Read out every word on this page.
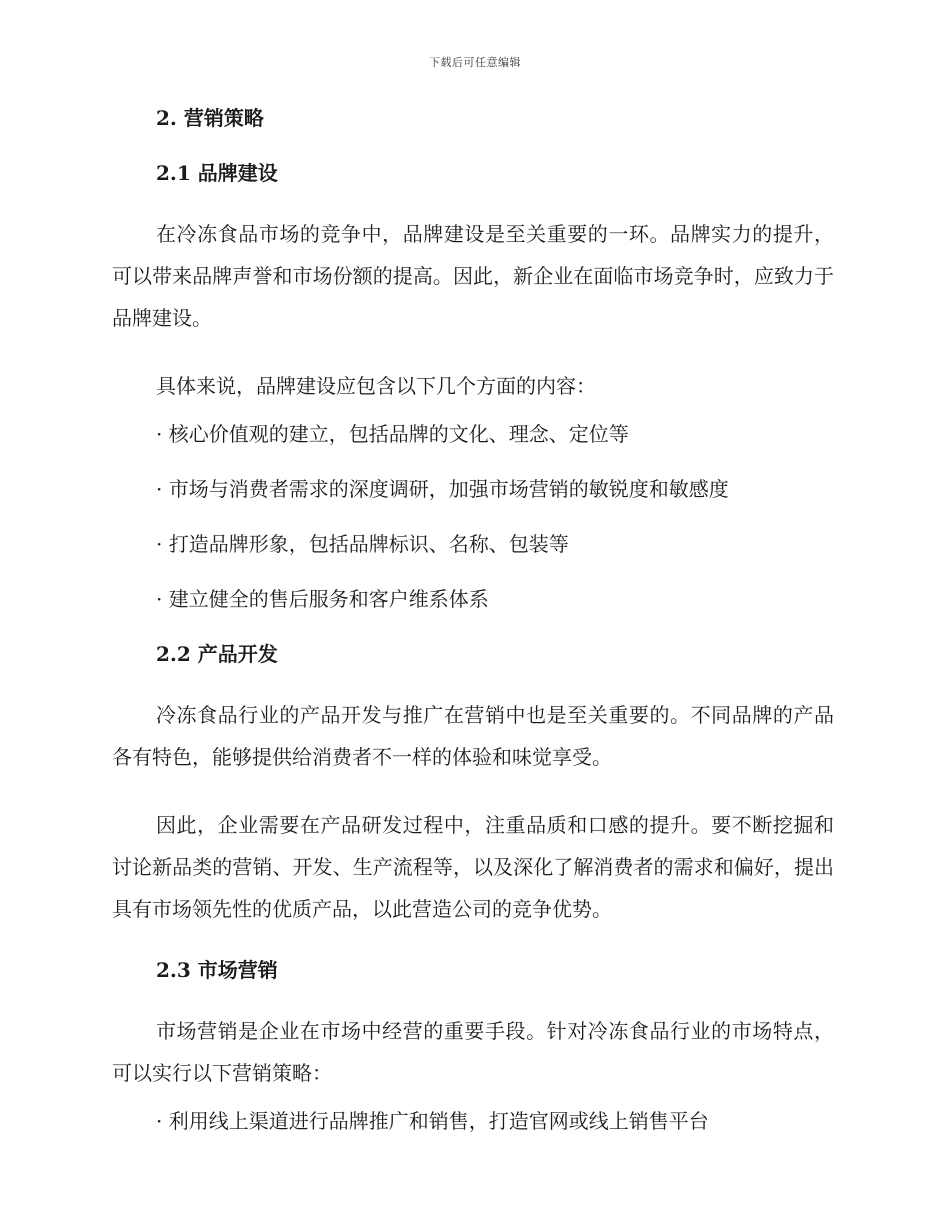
下载后可任意编辑
2. 营销策略
2.1 品牌建设

在冷冻食品市场的竞争中，品牌建设是至关重要的一环。品牌实力的提升，可以带来品牌声誉和市场份额的提高。因此，新企业在面临市场竞争时，应致力于品牌建设。

具体来说，品牌建设应包含以下几个方面的内容：

· 核心价值观的建立，包括品牌的文化、理念、定位等

· 市场与消费者需求的深度调研，加强市场营销的敏锐度和敏感度

· 打造品牌形象，包括品牌标识、名称、包装等

· 建立健全的售后服务和客户维系体系

2.2 产品开发

冷冻食品行业的产品开发与推广在营销中也是至关重要的。不同品牌的产品各有特色，能够提供给消费者不一样的体验和味觉享受。

因此，企业需要在产品研发过程中，注重品质和口感的提升。要不断挖掘和讨论新品类的营销、开发、生产流程等，以及深化了解消费者的需求和偏好，提出具有市场领先性的优质产品，以此营造公司的竞争优势。

2.3 市场营销

市场营销是企业在市场中经营的重要手段。针对冷冻食品行业的市场特点，可以实行以下营销策略：

· 利用线上渠道进行品牌推广和销售，打造官网或线上销售平台
